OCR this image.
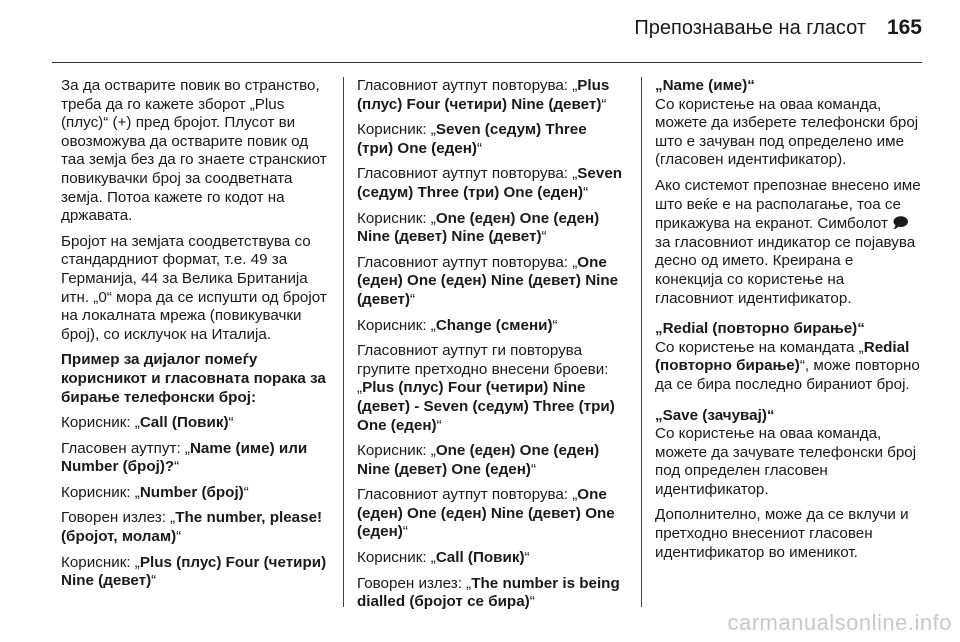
Препознавање на гласот 165

За да остварите повик во странство, треба да го кажете зборот „Plus (плус)“ (+) пред бројот. Плусот ви овозможува да остварите повик од таа земја без да го знаете странскиот повикувачки број за соодветната земја. Потоа кажете го кодот на државата.

Бројот на земјата соодветствува со стандардниот формат, т.е. 49 за Германија, 44 за Велика Британија итн. „0“ мора да се испушти од бројот на локалната мрежа (повикувачки број), со исклучок на Италија.

Пример за дијалог помеѓу корисникот и гласовната порака за бирање телефонски број:

Корисник: „Call (Повик)“

Гласовен аутпут: „Name (име) или Number (број)?“

Корисник: „Number (број)“

Говорен излез: „The number, please! (бројот, молам)“

Корисник: „Plus (плус) Four (четири) Nine (девет)“

Гласовниот аутпут повторува: „Plus (плус) Four (четири) Nine (девет)“

Корисник: „Seven (седум) Three (три) One (еден)“

Гласовниот аутпут повторува: „Seven (седум) Three (три) One (еден)“

Корисник: „One (еден) One (еден) Nine (девет) Nine (девет)“

Гласовниот аутпут повторува: „One (еден) One (еден) Nine (девет) Nine (девет)“

Корисник: „Change (смени)“

Гласовниот аутпут ги повторува групите претходно внесени броеви: „Plus (плус) Four (четири) Nine (девет) - Seven (седум) Three (три) One (еден)“

Корисник: „One (еден) One (еден) Nine (девет) One (еден)“

Гласовниот аутпут повторува: „One (еден) One (еден) Nine (девет) One (еден)“

Корисник: „Call (Повик)“

Говорен излез: „The number is being dialled (бројот се бира)“

„Name (име)“
Со користење на оваа команда, можете да изберете телефонски број што е зачуван под определено име (гласовен идентификатор).

Ако системот препознае внесено име што веќе е на располагање, тоа се прикажува на екранот. Симболот 🗩 за гласовниот индикатор се појавува десно од името. Креирана е конекција со користење на гласовниот идентификатор.

„Redial (повторно бирање)“
Со користење на командата „Redial (повторно бирање)“, може повторно да се бира последно бираниот број.

„Save (зачувај)“
Со користење на оваа команда, можете да зачувате телефонски број под определен гласовен идентификатор.

Дополнително, може да се вклучи и претходно внесениот гласовен идентификатор во именикот.

carmanualsonline.info
